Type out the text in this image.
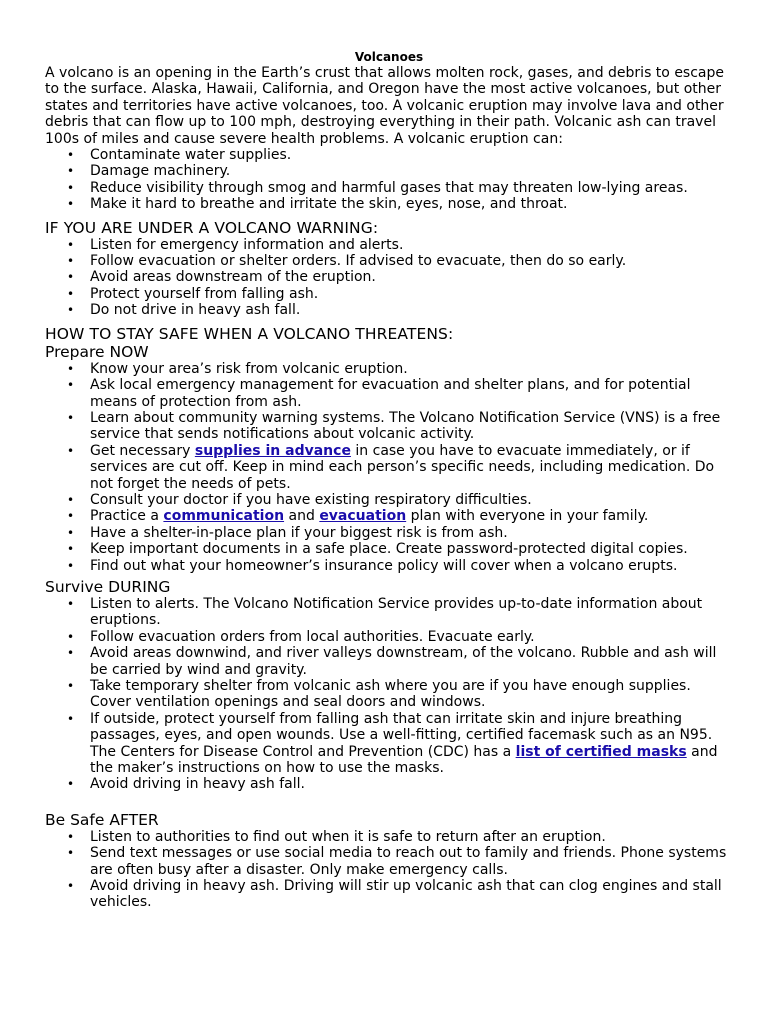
Volcanoes

A volcano is an opening in the Earth’s crust that allows molten rock, gases, and debris to escape to the surface. Alaska, Hawaii, California, and Oregon have the most active volcanoes, but other states and territories have active volcanoes, too. A volcanic eruption may involve lava and other debris that can flow up to 100 mph, destroying everything in their path. Volcanic ash can travel 100s of miles and cause severe health problems. A volcanic eruption can:

• Contaminate water supplies.
• Damage machinery.
• Reduce visibility through smog and harmful gases that may threaten low-lying areas.
• Make it hard to breathe and irritate the skin, eyes, nose, and throat.
IF YOU ARE UNDER A VOLCANO WARNING:
• Listen for emergency information and alerts.
• Follow evacuation or shelter orders. If advised to evacuate, then do so early.
• Avoid areas downstream of the eruption.
• Protect yourself from falling ash.
• Do not drive in heavy ash fall.
HOW TO STAY SAFE WHEN A VOLCANO THREATENS:
Prepare NOW
• Know your area’s risk from volcanic eruption.
• Ask local emergency management for evacuation and shelter plans, and for potential means of protection from ash.
• Learn about community warning systems. The Volcano Notification Service (VNS) is a free service that sends notifications about volcanic activity.
• Get necessary supplies in advance in case you have to evacuate immediately, or if services are cut off. Keep in mind each person’s specific needs, including medication. Do not forget the needs of pets.
• Consult your doctor if you have existing respiratory difficulties.
• Practice a communication and evacuation plan with everyone in your family.
• Have a shelter-in-place plan if your biggest risk is from ash.
• Keep important documents in a safe place. Create password-protected digital copies.
• Find out what your homeowner’s insurance policy will cover when a volcano erupts.
Survive DURING
• Listen to alerts. The Volcano Notification Service provides up-to-date information about eruptions.
• Follow evacuation orders from local authorities. Evacuate early.
• Avoid areas downwind, and river valleys downstream, of the volcano. Rubble and ash will be carried by wind and gravity.
• Take temporary shelter from volcanic ash where you are if you have enough supplies. Cover ventilation openings and seal doors and windows.
• If outside, protect yourself from falling ash that can irritate skin and injure breathing passages, eyes, and open wounds. Use a well-fitting, certified facemask such as an N95. The Centers for Disease Control and Prevention (CDC) has a list of certified masks and the maker’s instructions on how to use the masks.
• Avoid driving in heavy ash fall.
Be Safe AFTER
• Listen to authorities to find out when it is safe to return after an eruption.
• Send text messages or use social media to reach out to family and friends. Phone systems are often busy after a disaster. Only make emergency calls.
• Avoid driving in heavy ash. Driving will stir up volcanic ash that can clog engines and stall vehicles.
